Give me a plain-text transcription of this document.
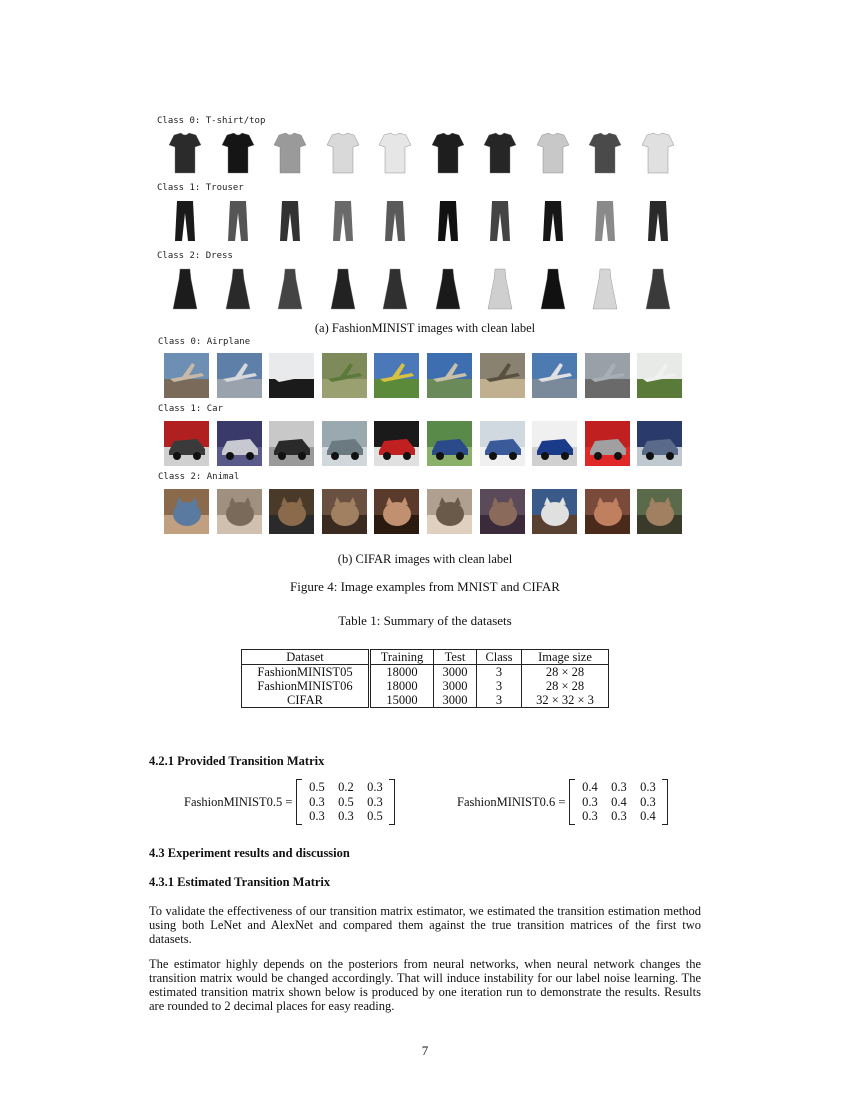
Class 0: T-shirt/top
Class 1: Trouser
Class 2: Dress
(a) FashionMINIST images with clean label
Class 0: Airplane
Class 1: Car
Class 2: Animal
(b) CIFAR images with clean label
Figure 4: Image examples from MNIST and CIFAR
Table 1: Summary of the datasets
Dataset	Training	Test	Class	Image size
FashionMINIST05	18000	3000	3	28 × 28
FashionMINIST06	18000	3000	3	28 × 28
CIFAR	15000	3000	3	32 × 32 × 3
4.2.1 Provided Transition Matrix
FashionMINIST0.5 =
0.5	0.2	0.3
0.3	0.5	0.3
0.3	0.3	0.5
FashionMINIST0.6 =
0.4	0.3	0.3
0.3	0.4	0.3
0.3	0.3	0.4
4.3 Experiment results and discussion
4.3.1 Estimated Transition Matrix
To validate the effectiveness of our transition matrix estimator, we estimated the transition estimation method using both LeNet and AlexNet and compared them against the true transition matrices of the first two datasets.
The estimator highly depends on the posteriors from neural networks, when neural network changes the transition matrix would be changed accordingly. That will induce instability for our label noise learning. The estimated transition matrix shown below is produced by one iteration run to demonstrate the results. Results are rounded to 2 decimal places for easy reading.
7
